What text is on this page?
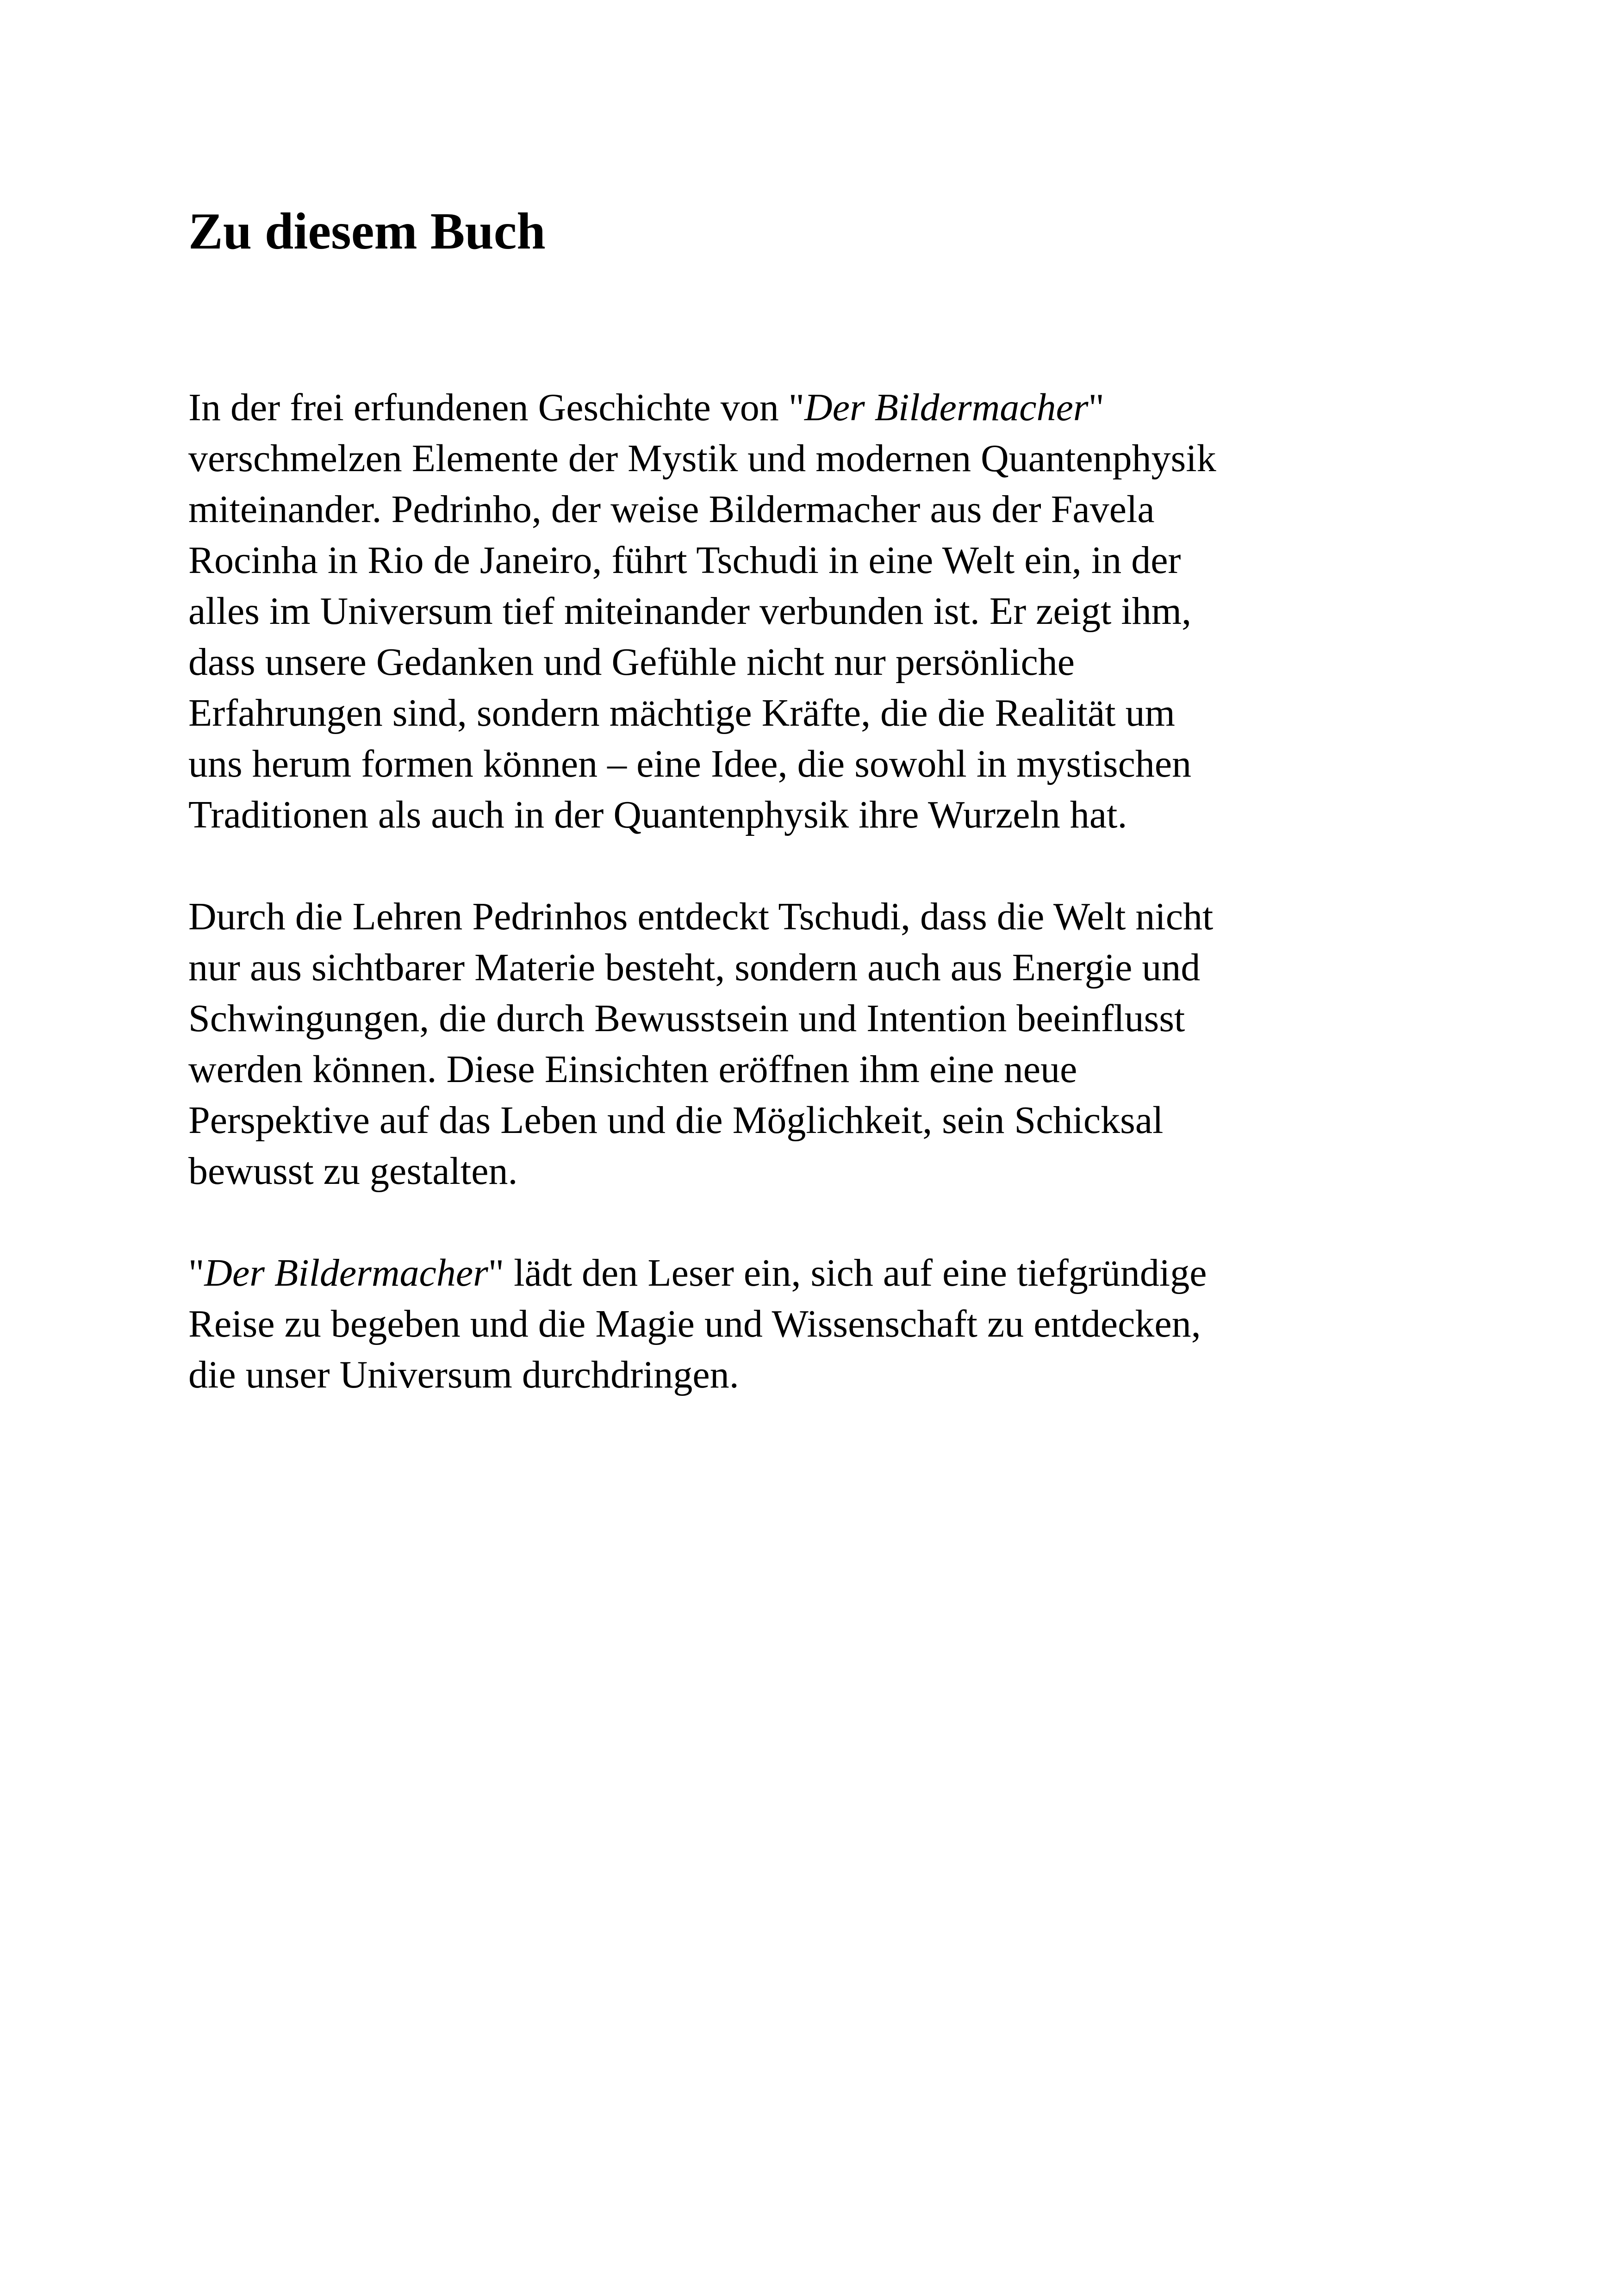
Zu diesem Buch

In der frei erfundenen Geschichte von "Der Bildermacher"
verschmelzen Elemente der Mystik und modernen Quantenphysik
miteinander. Pedrinho, der weise Bildermacher aus der Favela
Rocinha in Rio de Janeiro, führt Tschudi in eine Welt ein, in der
alles im Universum tief miteinander verbunden ist. Er zeigt ihm,
dass unsere Gedanken und Gefühle nicht nur persönliche
Erfahrungen sind, sondern mächtige Kräfte, die die Realität um
uns herum formen können – eine Idee, die sowohl in mystischen
Traditionen als auch in der Quantenphysik ihre Wurzeln hat.

Durch die Lehren Pedrinhos entdeckt Tschudi, dass die Welt nicht
nur aus sichtbarer Materie besteht, sondern auch aus Energie und
Schwingungen, die durch Bewusstsein und Intention beeinflusst
werden können. Diese Einsichten eröffnen ihm eine neue
Perspektive auf das Leben und die Möglichkeit, sein Schicksal
bewusst zu gestalten.

"Der Bildermacher" lädt den Leser ein, sich auf eine tiefgründige
Reise zu begeben und die Magie und Wissenschaft zu entdecken,
die unser Universum durchdringen.
